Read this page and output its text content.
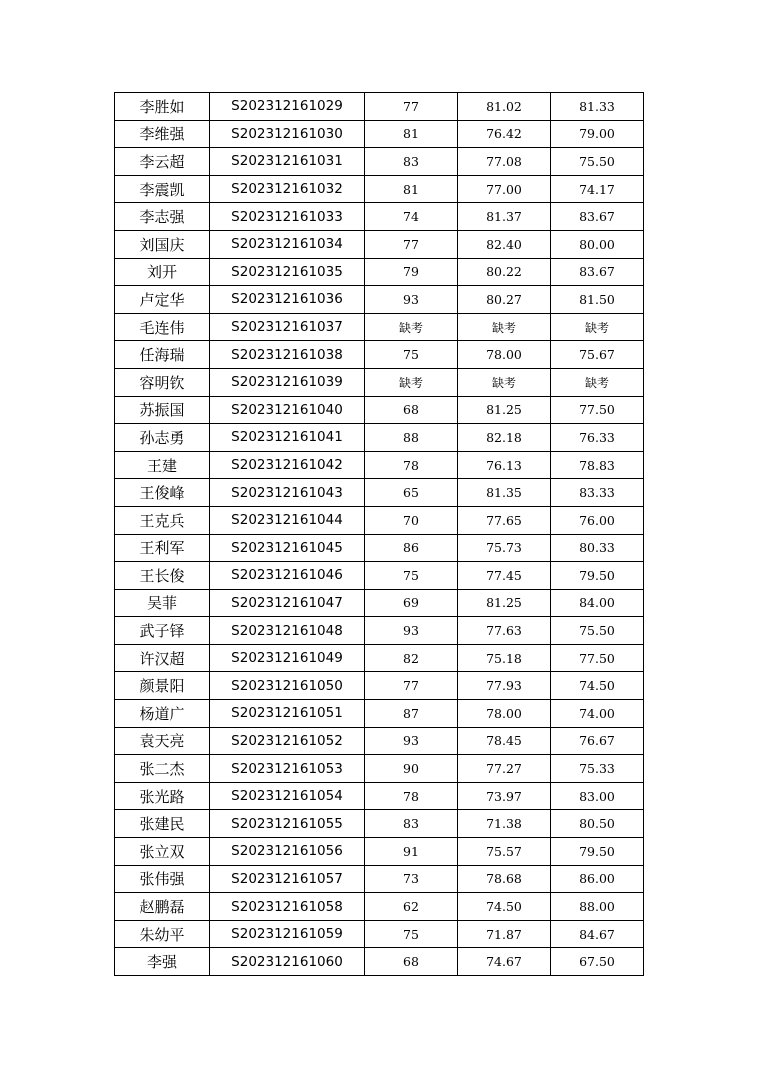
李胜如	S202312161029	77	81.02	81.33
李维强	S202312161030	81	76.42	79.00
李云超	S202312161031	83	77.08	75.50
李震凯	S202312161032	81	77.00	74.17
李志强	S202312161033	74	81.37	83.67
刘国庆	S202312161034	77	82.40	80.00
刘开	S202312161035	79	80.22	83.67
卢定华	S202312161036	93	80.27	81.50
毛连伟	S202312161037	缺考	缺考	缺考
任海瑞	S202312161038	75	78.00	75.67
容明钦	S202312161039	缺考	缺考	缺考
苏振国	S202312161040	68	81.25	77.50
孙志勇	S202312161041	88	82.18	76.33
王建	S202312161042	78	76.13	78.83
王俊峰	S202312161043	65	81.35	83.33
王克兵	S202312161044	70	77.65	76.00
王利军	S202312161045	86	75.73	80.33
王长俊	S202312161046	75	77.45	79.50
吴菲	S202312161047	69	81.25	84.00
武子铎	S202312161048	93	77.63	75.50
许汉超	S202312161049	82	75.18	77.50
颜景阳	S202312161050	77	77.93	74.50
杨道广	S202312161051	87	78.00	74.00
袁天亮	S202312161052	93	78.45	76.67
张二杰	S202312161053	90	77.27	75.33
张光路	S202312161054	78	73.97	83.00
张建民	S202312161055	83	71.38	80.50
张立双	S202312161056	91	75.57	79.50
张伟强	S202312161057	73	78.68	86.00
赵鹏磊	S202312161058	62	74.50	88.00
朱幼平	S202312161059	75	71.87	84.67
李强	S202312161060	68	74.67	67.50
